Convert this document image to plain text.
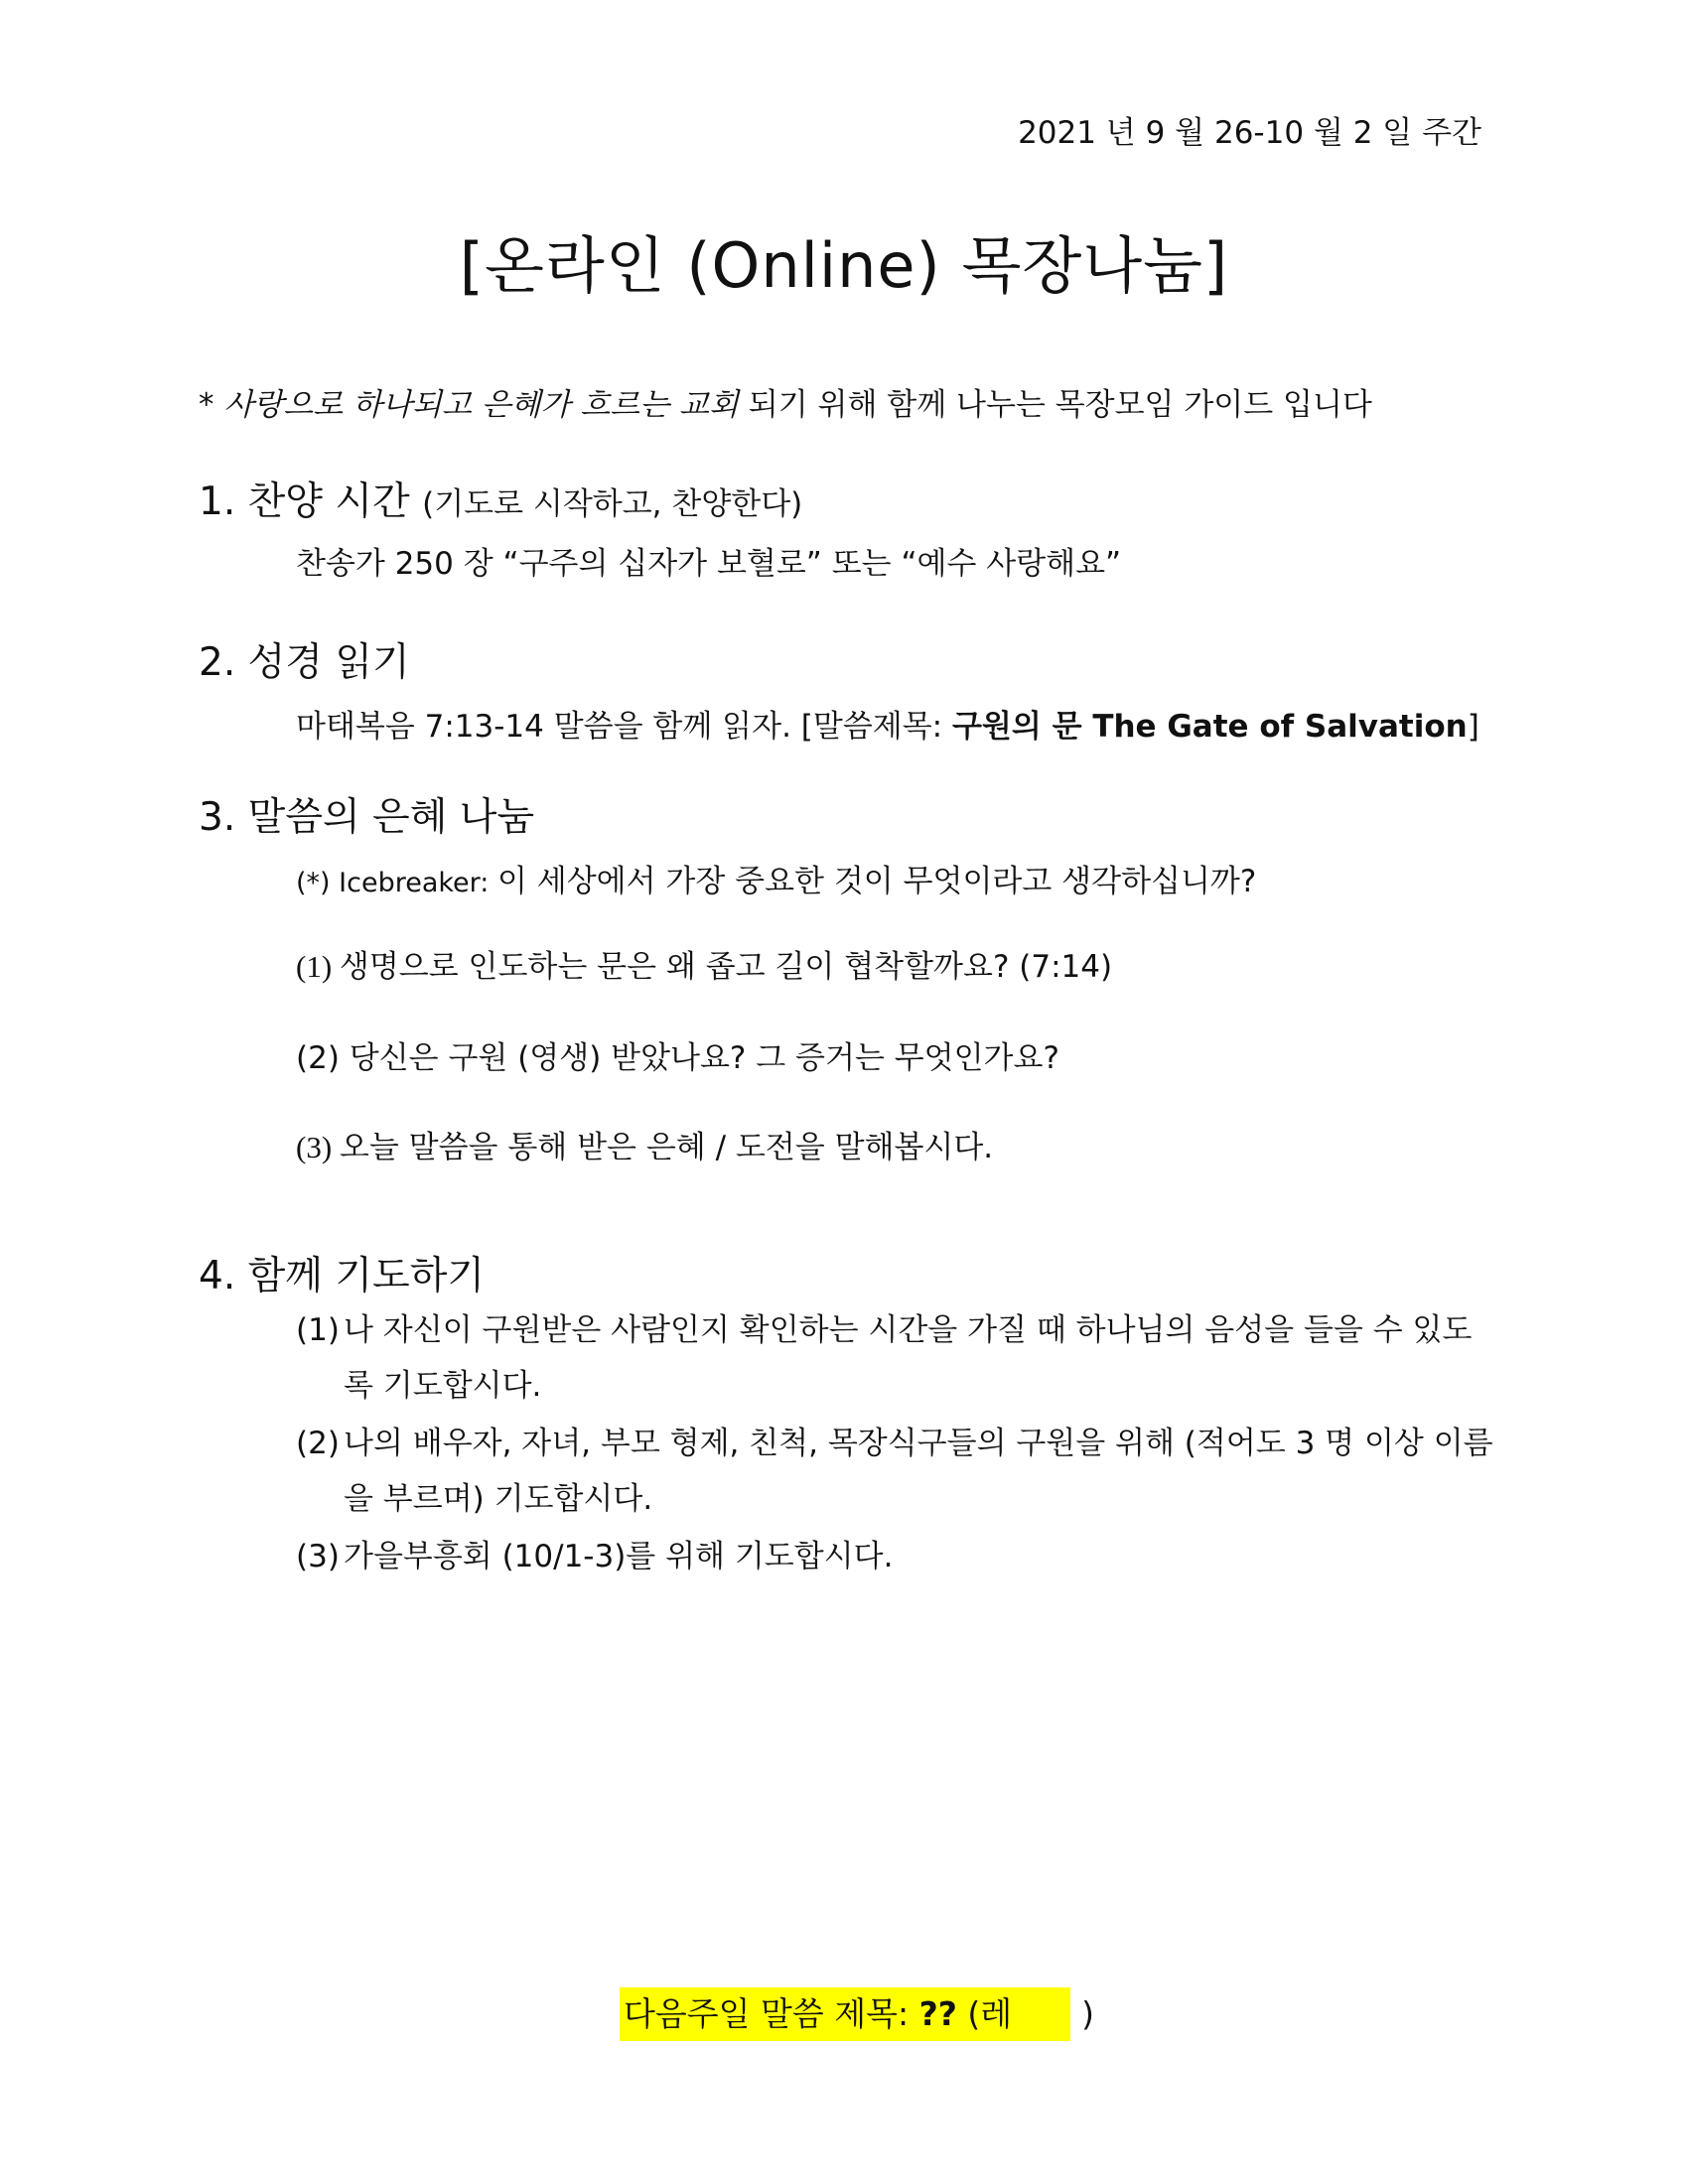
2021 년 9 월 26-10 월 2 일 주간
[온라인 (Online) 목장나눔]
* 사랑으로 하나되고 은혜가 흐르는 교회 되기 위해 함께 나누는 목장모임 가이드 입니다
1. 찬양 시간 (기도로 시작하고, 찬양한다)
찬송가 250 장 “구주의 십자가 보혈로” 또는 “예수 사랑해요”
2. 성경 읽기
마태복음 7:13-14 말씀을 함께 읽자. [말씀제목: 구원의 문 The Gate of Salvation]
3. 말씀의 은혜 나눔
(*) Icebreaker: 이 세상에서 가장 중요한 것이 무엇이라고 생각하십니까?
(1) 생명으로 인도하는 문은 왜 좁고 길이 협착할까요? (7:14)
(2) 당신은 구원 (영생) 받았나요? 그 증거는 무엇인가요?
(3) 오늘 말씀을 통해 받은 은혜 / 도전을 말해봅시다.
4. 함께 기도하기
(1) 나 자신이 구원받은 사람인지 확인하는 시간을 가질 때 하나님의 음성을 들을 수 있도록 기도합시다.
(2) 나의 배우자, 자녀, 부모 형제, 친척, 목장식구들의 구원을 위해 (적어도 3 명 이상 이름을 부르며) 기도합시다.
(3) 가을부흥회 (10/1-3)를 위해 기도합시다.
다음주일 말씀 제목: ?? (레 )
